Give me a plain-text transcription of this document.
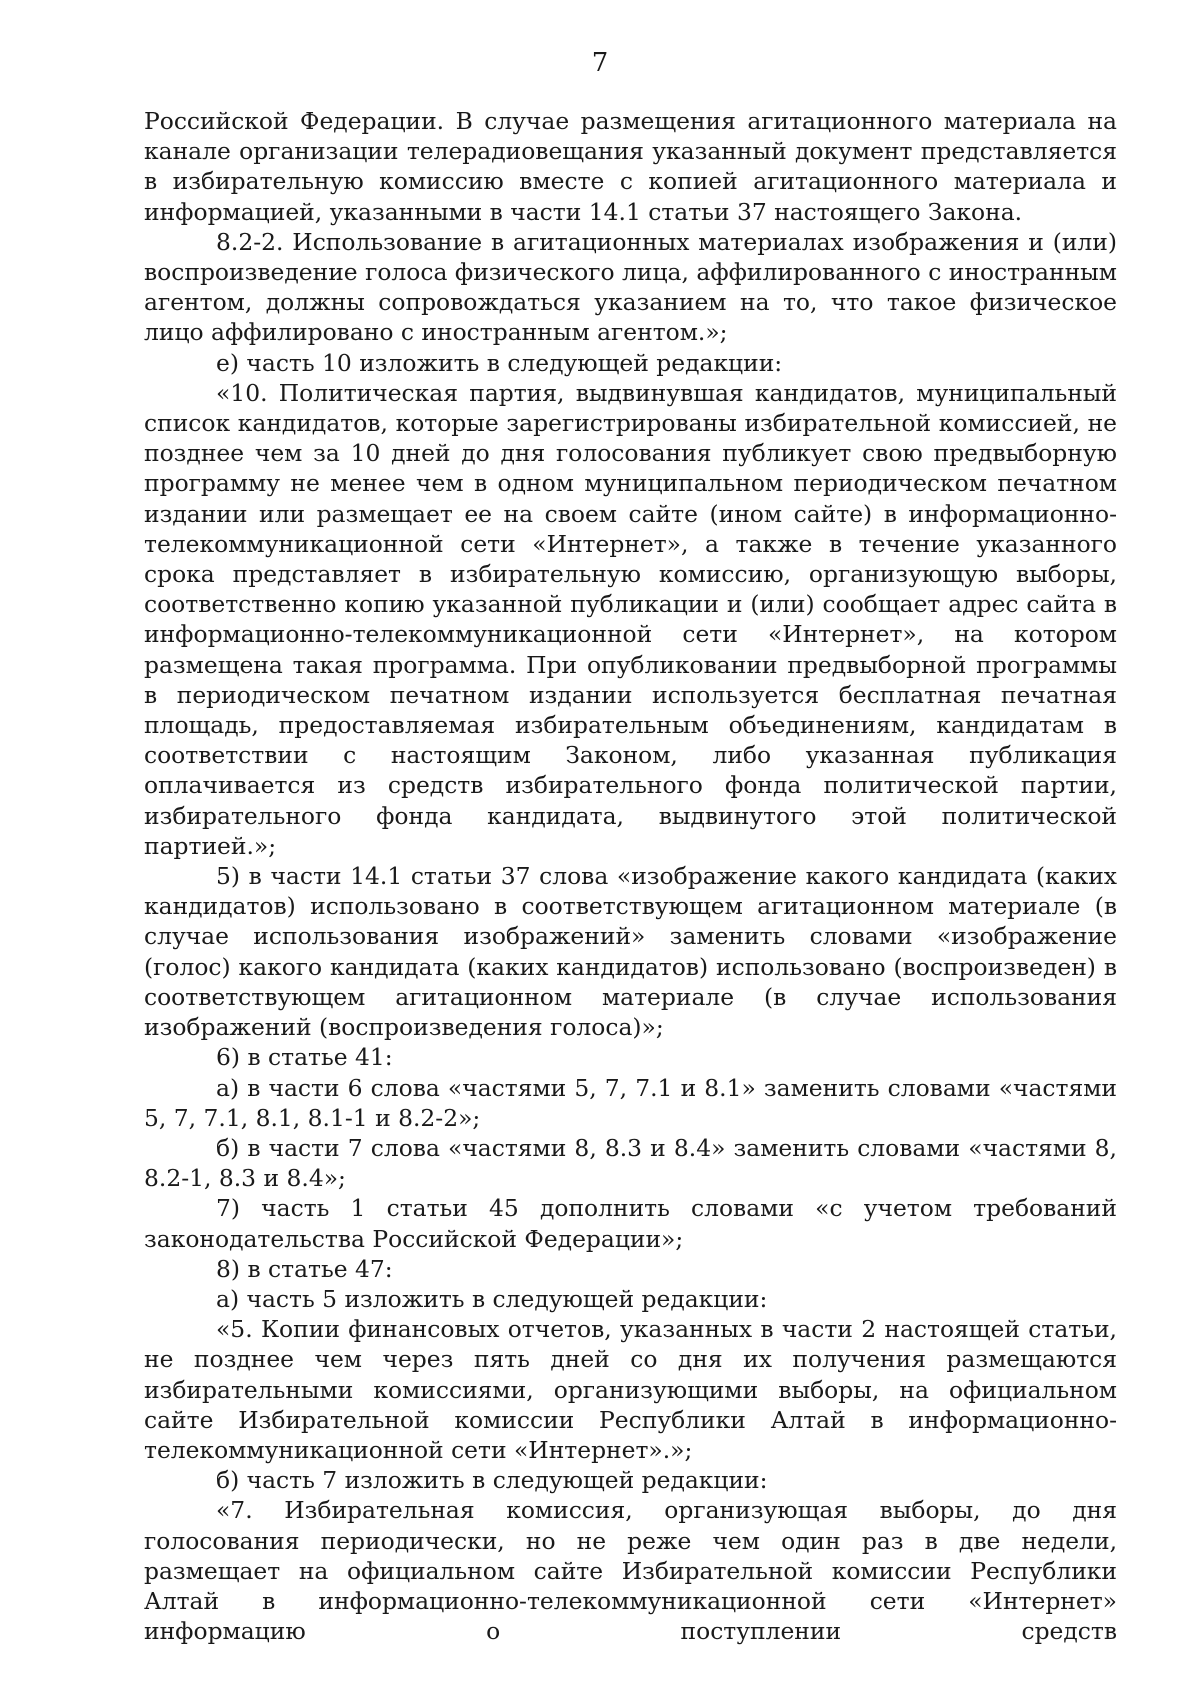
7

Российской Федерации. В случае размещения агитационного материала на канале организации телерадиовещания указанный документ представляется в избирательную комиссию вместе с копией агитационного материала и информацией, указанными в части 14.1 статьи 37 настоящего Закона.

8.2-2. Использование в агитационных материалах изображения и (или) воспроизведение голоса физического лица, аффилированного с иностранным агентом, должны сопровождаться указанием на то, что такое физическое лицо аффилировано с иностранным агентом.»;

е) часть 10 изложить в следующей редакции:

«10. Политическая партия, выдвинувшая кандидатов, муниципальный список кандидатов, которые зарегистрированы избирательной комиссией, не позднее чем за 10 дней до дня голосования публикует свою предвыборную программу не менее чем в одном муниципальном периодическом печатном издании или размещает ее на своем сайте (ином сайте) в информационно-телекоммуникационной сети «Интернет», а также в течение указанного срока представляет в избирательную комиссию, организующую выборы, соответственно копию указанной публикации и (или) сообщает адрес сайта в информационно-телекоммуникационной сети «Интернет», на котором размещена такая программа. При опубликовании предвыборной программы в периодическом печатном издании используется бесплатная печатная площадь, предоставляемая избирательным объединениям, кандидатам в соответствии с настоящим Законом, либо указанная публикация оплачивается из средств избирательного фонда политической партии, избирательного фонда кандидата, выдвинутого этой политической партией.»;

5) в части 14.1 статьи 37 слова «изображение какого кандидата (каких кандидатов) использовано в соответствующем агитационном материале (в случае использования изображений» заменить словами «изображение (голос) какого кандидата (каких кандидатов) использовано (воспроизведен) в соответствующем агитационном материале (в случае использования изображений (воспроизведения голоса)»;

6) в статье 41:

а) в части 6 слова «частями 5, 7, 7.1 и 8.1» заменить словами «частями 5, 7, 7.1, 8.1, 8.1-1 и 8.2-2»;

б) в части 7 слова «частями 8, 8.3 и 8.4» заменить словами «частями 8, 8.2-1, 8.3 и 8.4»;

7) часть 1 статьи 45 дополнить словами «с учетом требований законодательства Российской Федерации»;

8) в статье 47:

а) часть 5 изложить в следующей редакции:

«5. Копии финансовых отчетов, указанных в части 2 настоящей статьи, не позднее чем через пять дней со дня их получения размещаются избирательными комиссиями, организующими выборы, на официальном сайте Избирательной комиссии Республики Алтай в информационно-телекоммуникационной сети «Интернет».»;

б) часть 7 изложить в следующей редакции:

«7. Избирательная комиссия, организующая выборы, до дня голосования периодически, но не реже чем один раз в две недели, размещает на официальном сайте Избирательной комиссии Республики Алтай в информационно-телекоммуникационной сети «Интернет» информацию о поступлении средств
